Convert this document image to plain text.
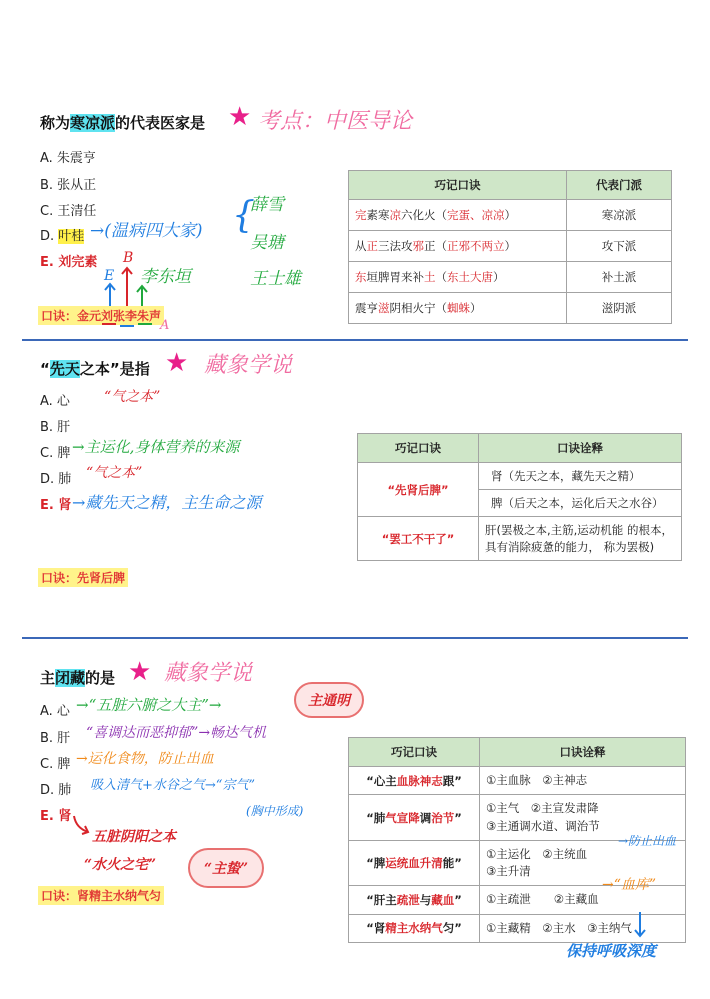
称为寒凉派的代表医家是 ★ 考点：中医导论
A. 朱震亨
B. 张从正
C. 王清任
D. 叶桂
E. 刘完素
→(温病四大家) {
薛雪
吴瑭
王士雄
B
E 李东垣
口诀：金元刘张李朱声
A
巧记口诀	代表门派
完素寒凉六化火（完蛋、凉凉）	寒凉派
从正三法攻邪正（正邪不两立）	攻下派
东垣脾胃来补土（东土大唐）	补土派
震亨滋阴相火宁（蜘蛛）	滋阴派
“先天之本”是指 ★ 藏象学说
A. 心
B. 肝
C. 脾
D. 肺
E. 肾
“气之本”
→主运化,身体营养的来源
“气之本”
→藏先天之精，主生命之源
口诀：先肾后脾
巧记口诀	口诀诠释
“先肾后脾”	肾（先天之本，藏先天之精）
	脾（后天之本，运化后天之水谷）
“罢工不干了”	肝(罢极之本,主筋,运动机能 的根本，具有消除疲惫的能力， 称为罢极)
主闭藏的是 ★ 藏象学说
A. 心
B. 肝
C. 脾
D. 肺
E. 肾
→“五脏六腑之大主”→	主通明
“喜调达而恶抑郁”→畅达气机
→运化食物，防止出血
吸入清气+水谷之气→“宗气”
(胸中形成)
五脏阴阳之本
“水火之宅”	“主蛰”
口诀：肾精主水纳气匀
巧记口诀	口诀诠释
“心主血脉神志跟”	①主血脉　②主神志

“肺气宣降调治节”	①主气　②主宣发肃降
③主通调水道、调治节

“脾运统血升清能”	①主运化　②主统血
③主升清

“肝主疏泄与藏血”	①主疏泄　　②主藏血

“肾精主水纳气匀”	①主藏精　②主水　③主纳气
→防止出血
→“血库”
保持呼吸深度
